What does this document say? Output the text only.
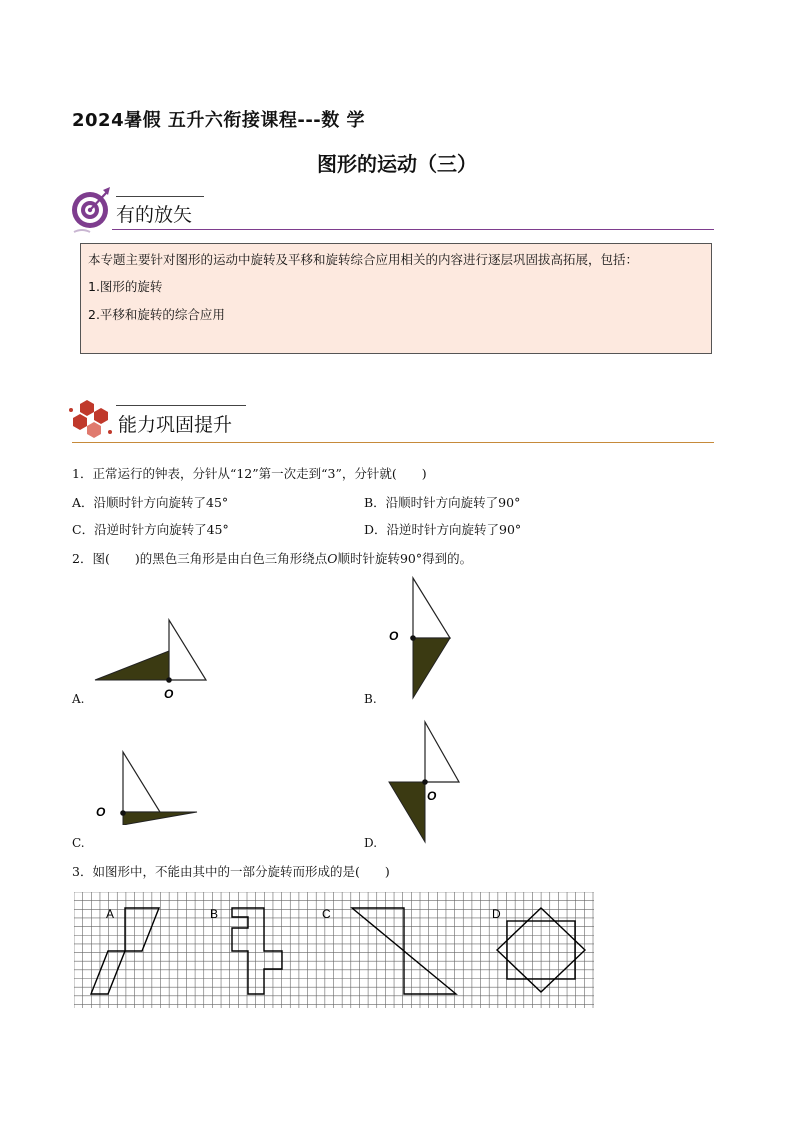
2024暑假 五升六衔接课程---数 学
图形的运动（三）
有的放矢
本专题主要针对图形的运动中旋转及平移和旋转综合应用相关的内容进行逐层巩固拔高拓展，包括：
1.图形的旋转
2.平移和旋转的综合应用
能力巩固提升
1．正常运行的钟表，分针从“12”第一次走到“3”，分针就(　　)
A．沿顺时针方向旋转了45°	B．沿顺时针方向旋转了90°
C．沿逆时针方向旋转了45°	D．沿逆时针方向旋转了90°
2．图(　　)的黑色三角形是由白色三角形绕点O顺时针旋转90°得到的。
O
A.
O
B.
O
C.
O
D.
3．如图形中，不能由其中的一部分旋转而形成的是(　　)
A	B	C	D
